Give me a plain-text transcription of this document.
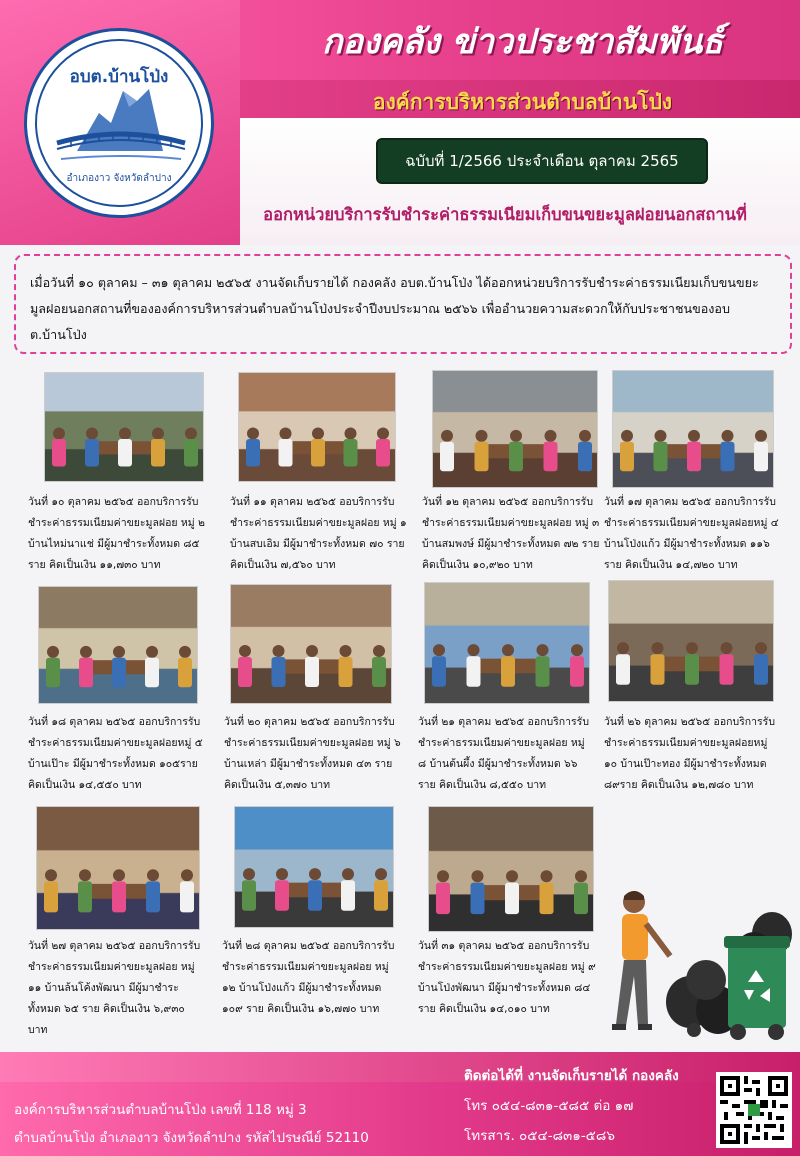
กองคลัง ข่าวประชาสัมพันธ์
องค์การบริหารส่วนตำบลบ้านโป่ง
อบต.บ้านโป่ง
อำเภองาว จังหวัดลำปาง
ฉบับที่ 1/2566 ประจำเดือน ตุลาคม 2565
ออกหน่วยบริการรับชำระค่าธรรมเนียมเก็บขนขยะมูลฝอยนอกสถานที่
เมื่อวันที่ ๑๐ ตุลาคม – ๓๑ ตุลาคม ๒๕๖๕ งานจัดเก็บรายได้ กองคลัง อบต.บ้านโป่ง ได้ออกหน่วยบริการรับชำระค่าธรรมเนียมเก็บขนขยะมูลฝอยนอกสถานที่ขององค์การบริหารส่วนตำบลบ้านโป่งประจำปีงบประมาณ ๒๕๖๖ เพื่ออำนวยความสะดวกให้กับประชาชนของอบต.บ้านโป่ง
วันที่ ๑๐ ตุลาคม ๒๕๖๕ ออกบริการรับชำระค่าธรรมเนียมค่าขยะมูลฝอย หมู่ ๒ บ้านไหม่นาแช่ มีผู้มาชำระทั้งหมด ๘๕ ราย คิดเป็นเงิน ๑๑,๗๓๐ บาท
วันที่ ๑๑ ตุลาคม ๒๕๖๕ ออบริการรับชำระค่าธรรมเนียมค่าขยะมูลฝอย หมู่ ๑ บ้านสบเอิม มีผู้มาชำระทั้งหมด ๗๐ ราย คิดเป็นเงิน ๗,๕๖๐ บาท
วันที่ ๑๒ ตุลาคม ๒๕๖๕ ออกบริการรับชำระค่าธรรมเนียมค่าขยะมูลฝอย หมู่ ๓ บ้านสมพงษ์ มีผู้มาชำระทั้งหมด ๗๒ ราย คิดเป็นเงิน ๑๐,๙๒๐ บาท
วันที่ ๑๗ ตุลาคม ๒๕๖๕ ออกบริการรับชำระค่าธรรมเนียมค่าขยะมูลฝอยหมู่ ๔ บ้านโป่งแก้ว มีผู้มาชำระทั้งหมด ๑๑๖ ราย คิดเป็นเงิน ๑๔,๗๒๐ บาท
วันที่ ๑๘ ตุลาคม ๒๕๖๕ ออกบริการรับชำระค่าธรรมเนียมค่าขยะมูลฝอยหมู่ ๕ บ้านเป๊าะ มีผู้มาชำระทั้งหมด ๑๐๕ราย คิดเป็นเงิน ๑๔,๕๕๐ บาท
วันที่ ๒๐ ตุลาคม ๒๕๖๕ ออกบริการรับชำระค่าธรรมเนียมค่าขยะมูลฝอย หมู่ ๖ บ้านเหล่า มีผู้มาชำระทั้งหมด ๔๓ ราย คิดเป็นเงิน ๕,๓๗๐ บาท
วันที่ ๒๑ ตุลาคม ๒๕๖๕ ออกบริการรับชำระค่าธรรมเนียมค่าขยะมูลฝอย หมู่ ๘ บ้านต้นผึ้ง มีผู้มาชำระทั้งหมด ๖๖ ราย คิดเป็นเงิน ๘,๕๕๐ บาท
วันที่ ๒๖ ตุลาคม ๒๕๖๕ ออกบริการรับชำระค่าธรรมเนียมค่าขยะมูลฝอยหมู่ ๑๐ บ้านเป๊าะทอง มีผู้มาชำระทั้งหมด ๘๙ราย คิดเป็นเงิน ๑๒,๗๘๐ บาท
วันที่ ๒๗ ตุลาคม ๒๕๖๕ ออกบริการรับชำระค่าธรรมเนียมค่าขยะมูลฝอย หมู่ ๑๑ บ้านล้นโค้งพัฒนา มีผู้มาชำระทั้งหมด ๖๕ ราย คิดเป็นเงิน ๖,๙๓๐ บาท
วันที่ ๒๘ ตุลาคม ๒๕๖๕ ออกบริการรับชำระค่าธรรมเนียมค่าขยะมูลฝอย หมู่ ๑๒ บ้านโป่งแก้ว มีผู้มาชำระทั้งหมด ๑๐๙ ราย คิดเป็นเงิน ๑๖,๗๗๐ บาท
วันที่ ๓๑ ตุลาคม ๒๕๖๕ ออกบริการรับชำระค่าธรรมเนียมค่าขยะมูลฝอย หมู่ ๙ บ้านโป่งพัฒนา มีผู้มาชำระทั้งหมด ๘๔ ราย คิดเป็นเงิน ๑๔,๐๑๐ บาท
องค์การบริหารส่วนตำบลบ้านโป่ง เลขที่ 118 หมู่ 3
ตำบลบ้านโป่ง อำเภองาว จังหวัดลำปาง รหัสไปรษณีย์ 52110
ติดต่อได้ที่ งานจัดเก็บรายได้ กองคลัง
โทร ๐๕๔-๘๓๑-๕๘๕ ต่อ ๑๗
โทรสาร. ๐๕๔-๘๓๑-๕๘๖
